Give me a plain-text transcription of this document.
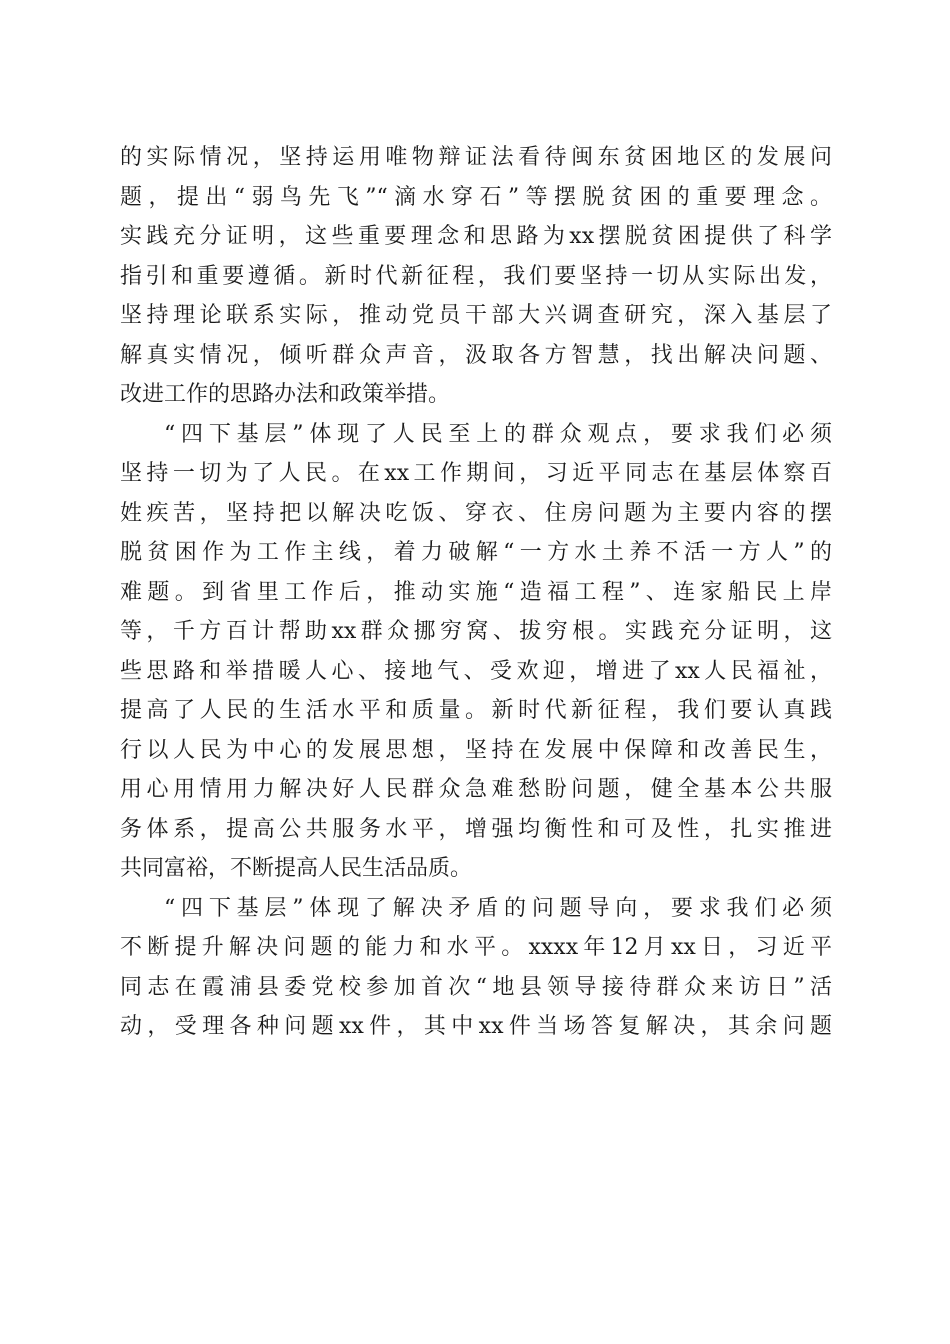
的实际情况，坚持运用唯物辩证法看待闽东贫困地区的发展问
题，提出“弱鸟先飞”“滴水穿石”等摆脱贫困的重要理念。
实践充分证明，这些重要理念和思路为xx摆脱贫困提供了科学
指引和重要遵循。新时代新征程，我们要坚持一切从实际出发，
坚持理论联系实际，推动党员干部大兴调查研究，深入基层了
解真实情况，倾听群众声音，汲取各方智慧，找出解决问题、
改进工作的思路办法和政策举措。
“四下基层”体现了人民至上的群众观点，要求我们必须
坚持一切为了人民。在xx工作期间，习近平同志在基层体察百
姓疾苦，坚持把以解决吃饭、穿衣、住房问题为主要内容的摆
脱贫困作为工作主线，着力破解“一方水土养不活一方人”的
难题。到省里工作后，推动实施“造福工程”、连家船民上岸
等，千方百计帮助xx群众挪穷窝、拔穷根。实践充分证明，这
些思路和举措暖人心、接地气、受欢迎，增进了xx人民福祉，
提高了人民的生活水平和质量。新时代新征程，我们要认真践
行以人民为中心的发展思想，坚持在发展中保障和改善民生，
用心用情用力解决好人民群众急难愁盼问题，健全基本公共服
务体系，提高公共服务水平，增强均衡性和可及性，扎实推进
共同富裕，不断提高人民生活品质。
“四下基层”体现了解决矛盾的问题导向，要求我们必须
不断提升解决问题的能力和水平。xxxx年12月xx日，习近平
同志在霞浦县委党校参加首次“地县领导接待群众来访日”活
动，受理各种问题xx件，其中xx件当场答复解决，其余问题
